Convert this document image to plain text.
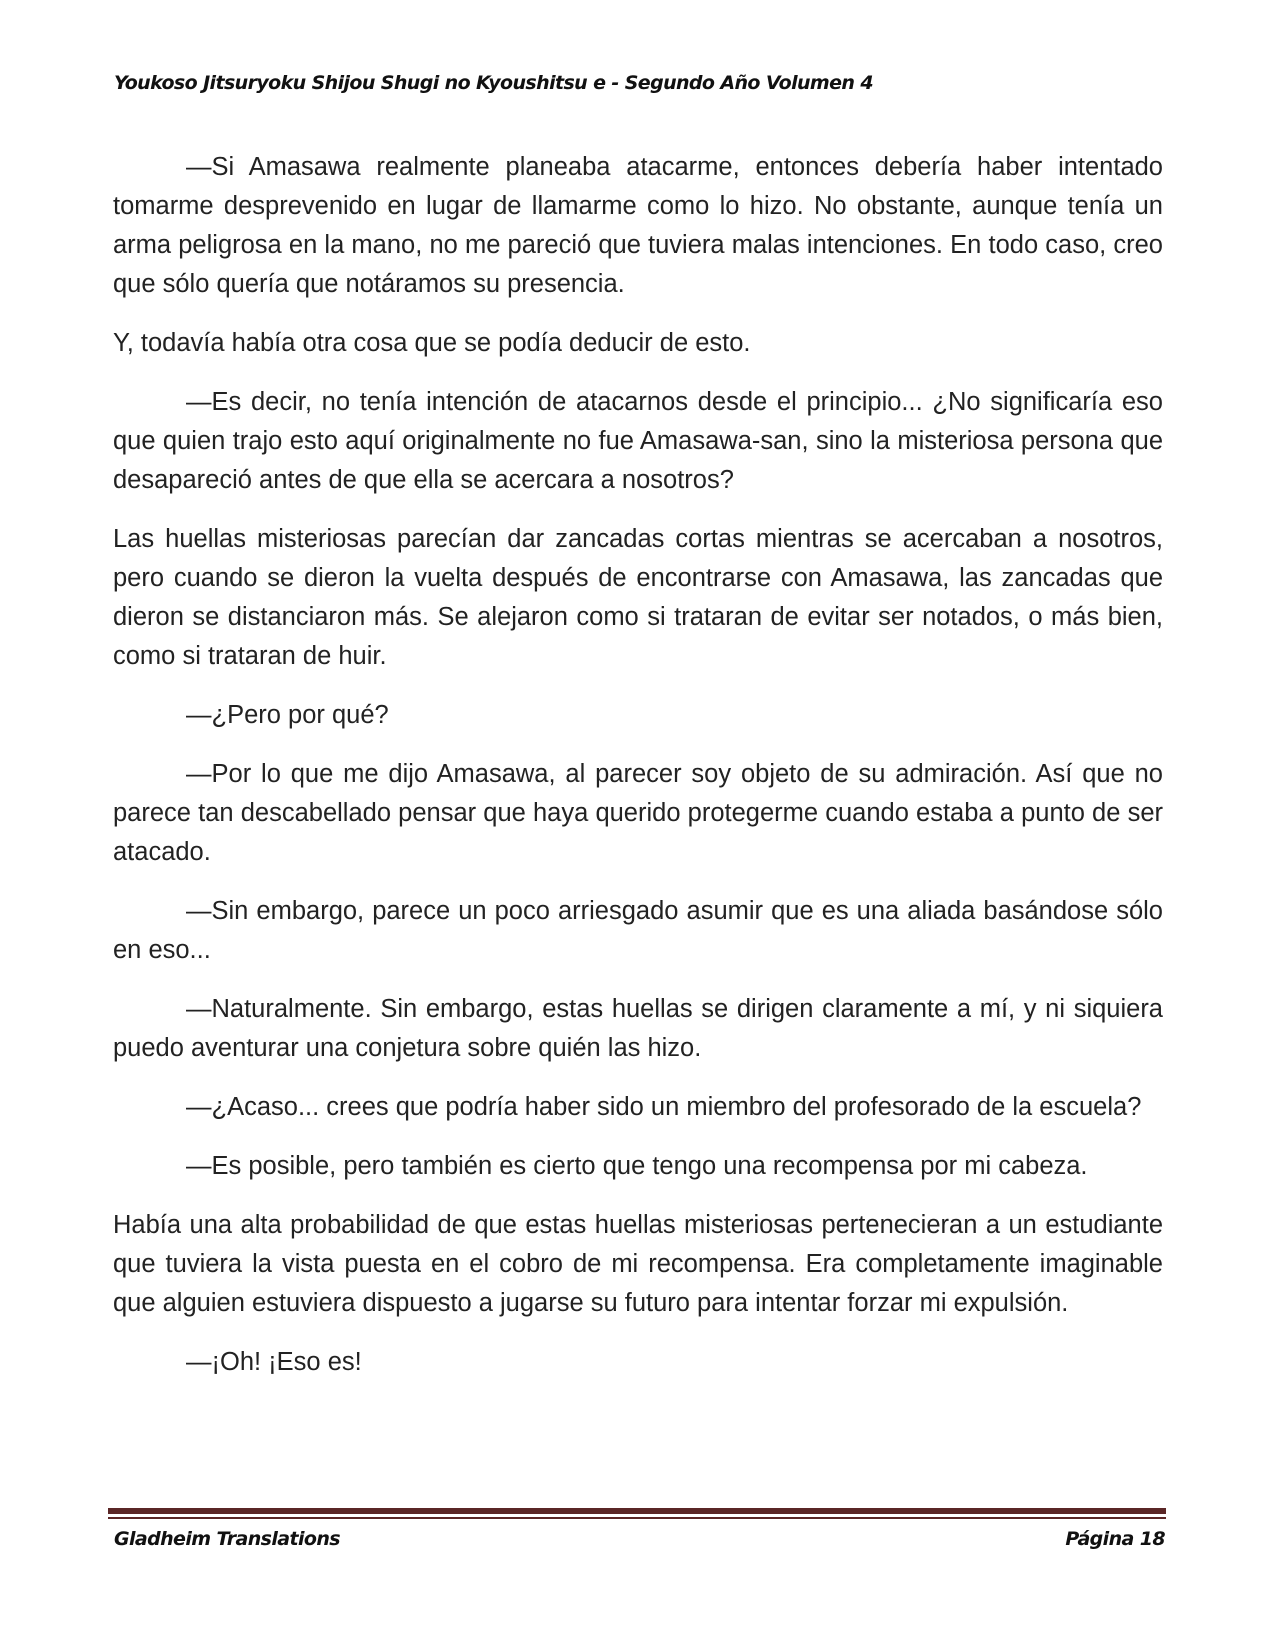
Youkoso Jitsuryoku Shijou Shugi no Kyoushitsu e - Segundo Año Volumen 4

—Si Amasawa realmente planeaba atacarme, entonces debería haber intentado tomarme desprevenido en lugar de llamarme como lo hizo. No obstante, aunque tenía un arma peligrosa en la mano, no me pareció que tuviera malas intenciones. En todo caso, creo que sólo quería que notáramos su presencia.

Y, todavía había otra cosa que se podía deducir de esto.

—Es decir, no tenía intención de atacarnos desde el principio... ¿No significaría eso que quien trajo esto aquí originalmente no fue Amasawa-san, sino la misteriosa persona que desapareció antes de que ella se acercara a nosotros?

Las huellas misteriosas parecían dar zancadas cortas mientras se acercaban a nosotros, pero cuando se dieron la vuelta después de encontrarse con Amasawa, las zancadas que dieron se distanciaron más. Se alejaron como si trataran de evitar ser notados, o más bien, como si trataran de huir.

—¿Pero por qué?

—Por lo que me dijo Amasawa, al parecer soy objeto de su admiración. Así que no parece tan descabellado pensar que haya querido protegerme cuando estaba a punto de ser atacado.

—Sin embargo, parece un poco arriesgado asumir que es una aliada basándose sólo en eso...

—Naturalmente. Sin embargo, estas huellas se dirigen claramente a mí, y ni siquiera puedo aventurar una conjetura sobre quién las hizo.

—¿Acaso... crees que podría haber sido un miembro del profesorado de la escuela?

—Es posible, pero también es cierto que tengo una recompensa por mi cabeza.

Había una alta probabilidad de que estas huellas misteriosas pertenecieran a un estudiante que tuviera la vista puesta en el cobro de mi recompensa. Era completamente imaginable que alguien estuviera dispuesto a jugarse su futuro para intentar forzar mi expulsión.

—¡Oh! ¡Eso es!

Gladheim Translations	Página 18
